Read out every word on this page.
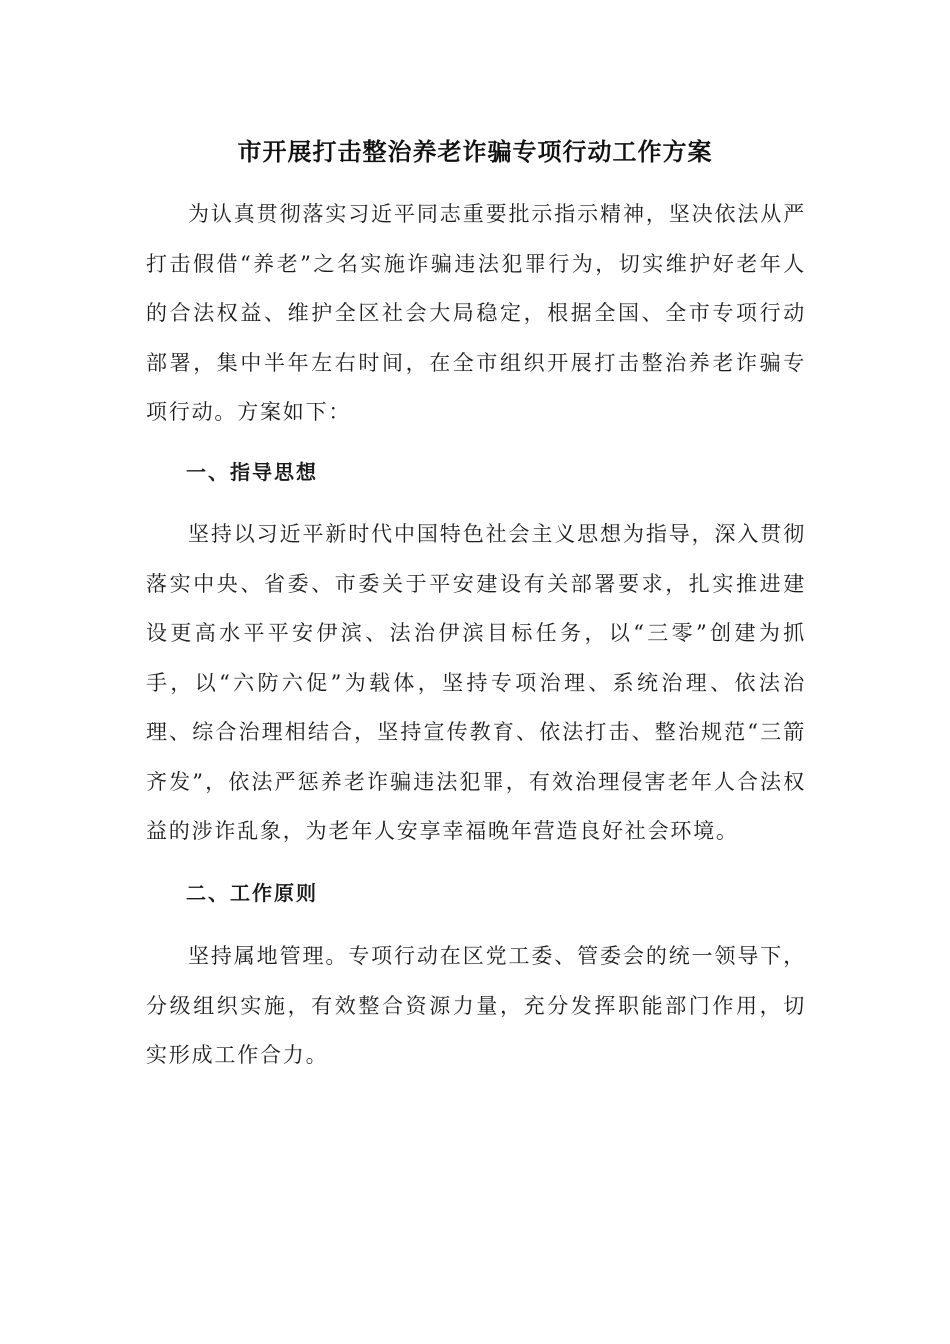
市开展打击整治养老诈骗专项行动工作方案
为认真贯彻落实习近平同志重要批示指示精神，坚决依法从严打击假借“养老”之名实施诈骗违法犯罪行为，切实维护好老年人的合法权益、维护全区社会大局稳定，根据全国、全市专项行动部署，集中半年左右时间，在全市组织开展打击整治养老诈骗专项行动。方案如下：
一、指导思想
坚持以习近平新时代中国特色社会主义思想为指导，深入贯彻落实中央、省委、市委关于平安建设有关部署要求，扎实推进建设更高水平平安伊滨、法治伊滨目标任务，以“三零”创建为抓手，以“六防六促”为载体，坚持专项治理、系统治理、依法治理、综合治理相结合，坚持宣传教育、依法打击、整治规范“三箭齐发”，依法严惩养老诈骗违法犯罪，有效治理侵害老年人合法权益的涉诈乱象，为老年人安享幸福晚年营造良好社会环境。
二、工作原则
坚持属地管理。专项行动在区党工委、管委会的统一领导下，分级组织实施，有效整合资源力量，充分发挥职能部门作用，切实形成工作合力。
